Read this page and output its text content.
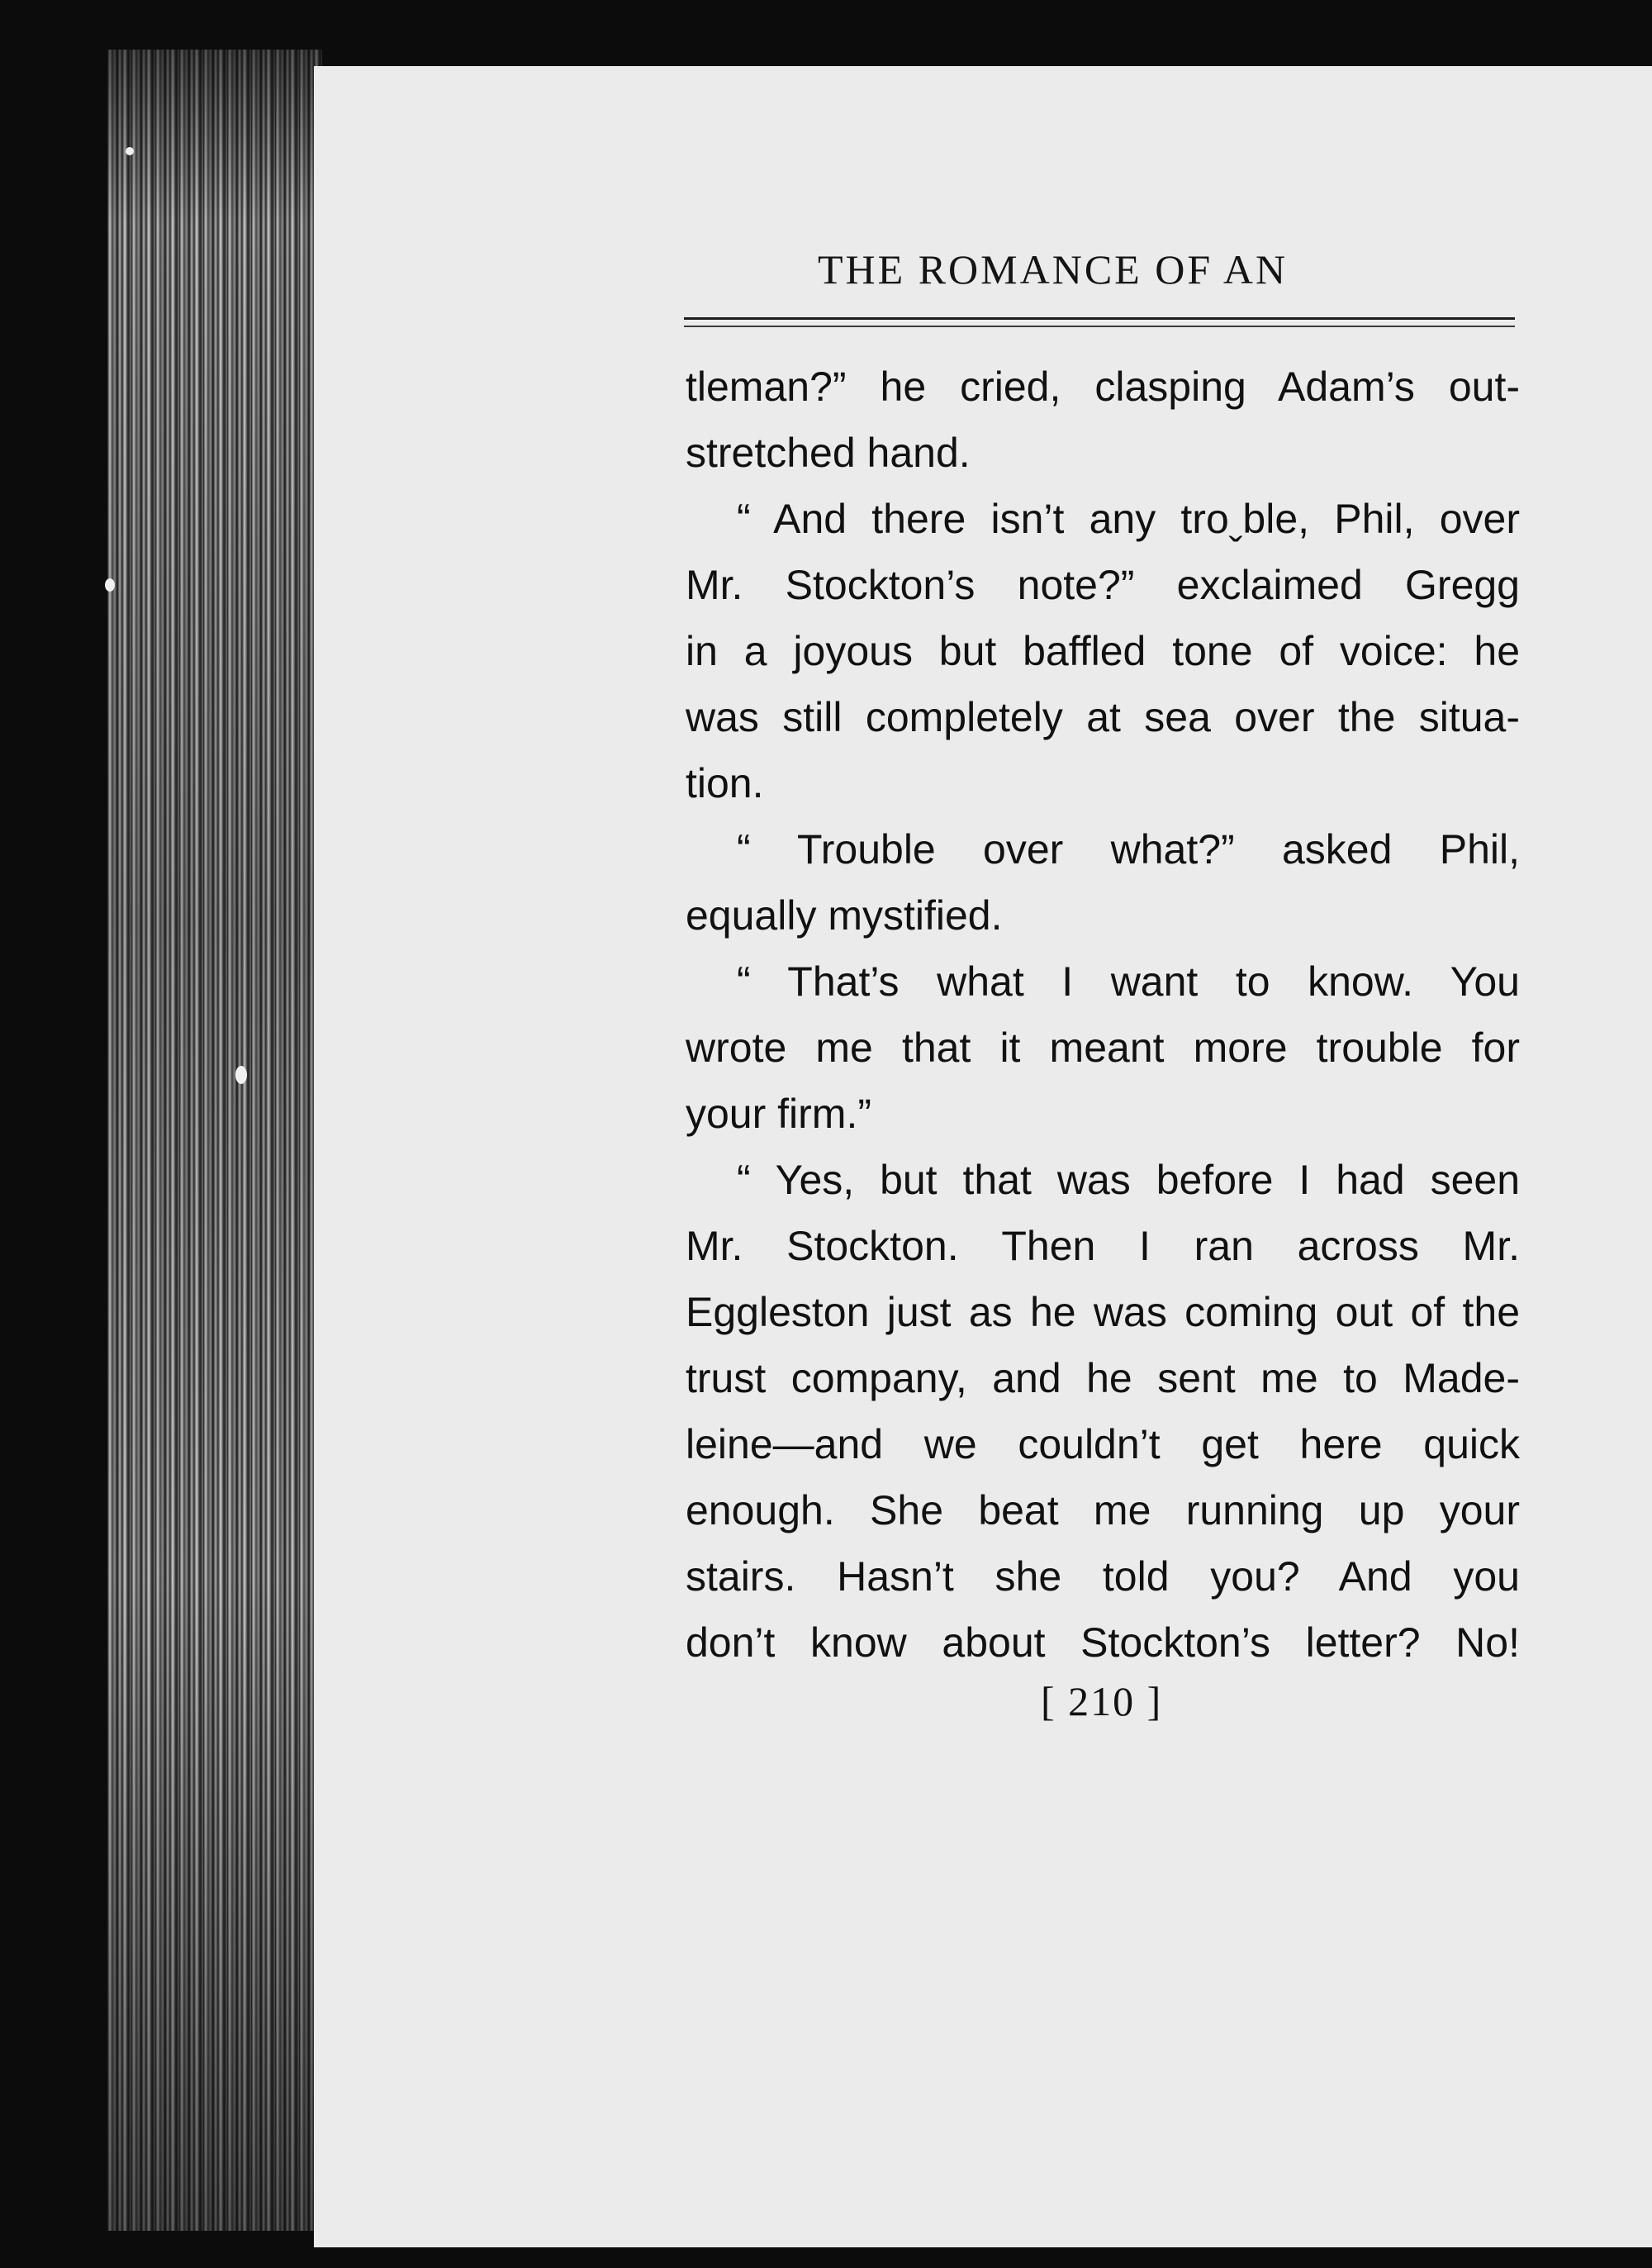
THE ROMANCE OF AN

tleman?” he cried, clasping Adam’s out-

stretched hand.

“ And there isn’t any troˬble, Phil, over

Mr. Stockton’s note?” exclaimed Gregg

in a joyous but baffled tone of voice: he

was still completely at sea over the situa-

tion.

“ Trouble over what?” asked Phil,

equally mystified.

“ That’s what I want to know. You

wrote me that it meant more trouble for

your firm.”

“ Yes, but that was before I had seen

Mr. Stockton. Then I ran across Mr.

Eggleston just as he was coming out of the

trust company, and he sent me to Made-

leine—and we couldn’t get here quick

enough. She beat me running up your

stairs. Hasn’t she told you? And you

don’t know about Stockton’s letter? No!

[ 210 ]
